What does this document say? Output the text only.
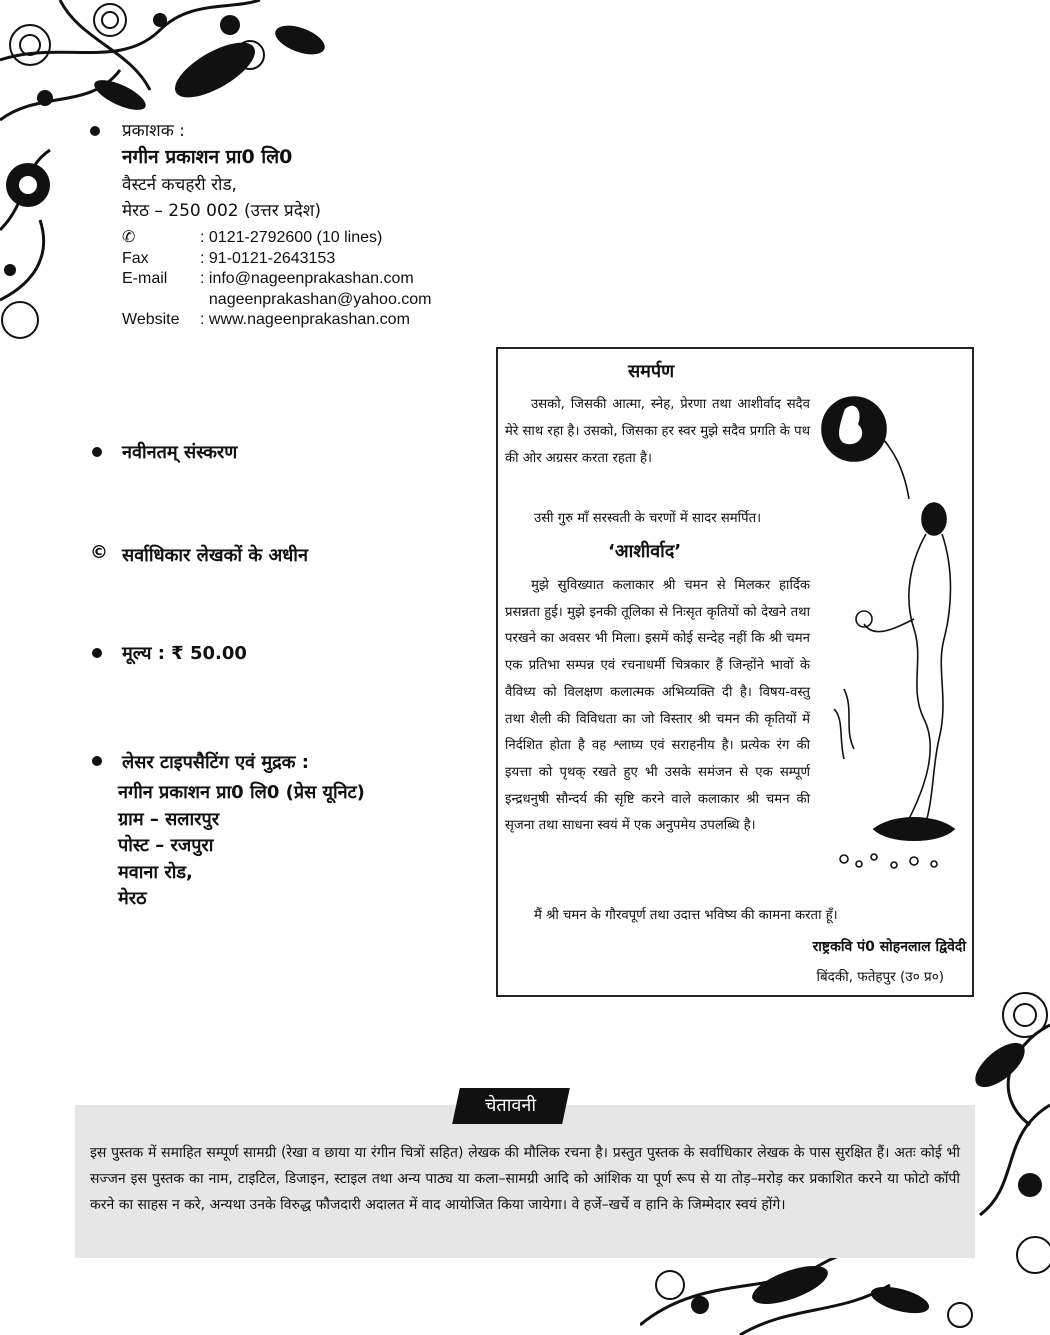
प्रकाशक :
नगीन प्रकाशन प्रा0 लि0
वैस्टर्न कचहरी रोड,
मेरठ – 250 002 (उत्तर प्रदेश)
✆	: 0121-2792600 (10 lines)
Fax	: 91-0121-2643153
E-mail	: info@nageenprakashan.com
nageenprakashan@yahoo.com
Website	: www.nageenprakashan.com
नवीनतम् संस्करण
© सर्वाधिकार लेखकों के अधीन
मूल्य : ₹ 50.00
लेसर टाइपसैटिंग एवं मुद्रक :
नगीन प्रकाशन प्रा0 लि0 (प्रेस यूनिट)
ग्राम – सलारपुर
पोस्ट – रजपुरा
मवाना रोड,
मेरठ
समर्पण
उसको, जिसकी आत्मा, स्नेह, प्रेरणा तथा आशीर्वाद सदैव मेरे साथ रहा है। उसको, जिसका हर स्वर मुझे सदैव प्रगति के पथ की ओर अग्रसर करता रहता है।
उसी गुरु माँ सरस्वती के चरणों में सादर समर्पित।
‘आशीर्वाद’
मुझे सुविख्यात कलाकार श्री चमन से मिलकर हार्दिक प्रसन्नता हुई। मुझे इनकी तूलिका से निःसृत कृतियों को देखने तथा परखने का अवसर भी मिला। इसमें कोई सन्देह नहीं कि श्री चमन एक प्रतिभा सम्पन्न एवं रचनाधर्मी चित्रकार हैं जिन्होंने भावों के वैविध्य को विलक्षण कलात्मक अभिव्यक्ति दी है। विषय-वस्तु तथा शैली की विविधता का जो विस्तार श्री चमन की कृतियों में निर्दशित होता है वह श्लाघ्य एवं सराहनीय है। प्रत्येक रंग की इयत्ता को पृथक् रखते हुए भी उसके समंजन से एक सम्पूर्ण इन्द्रधनुषी सौन्दर्य की सृष्टि करने वाले कलाकार श्री चमन की सृजना तथा साधना स्वयं में एक अनुपमेय उपलब्धि है।
मैं श्री चमन के गौरवपूर्ण तथा उदात्त भविष्य की कामना करता हूँ।
राष्ट्रकवि पं0 सोहनलाल द्विवेदी
बिंदकी, फतेहपुर (उ० प्र०)
चेतावनी
इस पुस्तक में समाहित सम्पूर्ण सामग्री (रेखा व छाया या रंगीन चित्रों सहित) लेखक की मौलिक रचना है। प्रस्तुत पुस्तक के सर्वाधिकार लेखक के पास सुरक्षित हैं। अतः कोई भी सज्जन इस पुस्तक का नाम, टाइटिल, डिजाइन, स्टाइल तथा अन्य पाठ्य या कला–सामग्री आदि को आंशिक या पूर्ण रूप से या तोड़–मरोड़ कर प्रकाशित करने या फोटो कॉपी करने का साहस न करे, अन्यथा उनके विरुद्ध फौजदारी अदालत में वाद आयोजित किया जायेगा। वे हर्जे–खर्चे व हानि के जिम्मेदार स्वयं होंगे।
